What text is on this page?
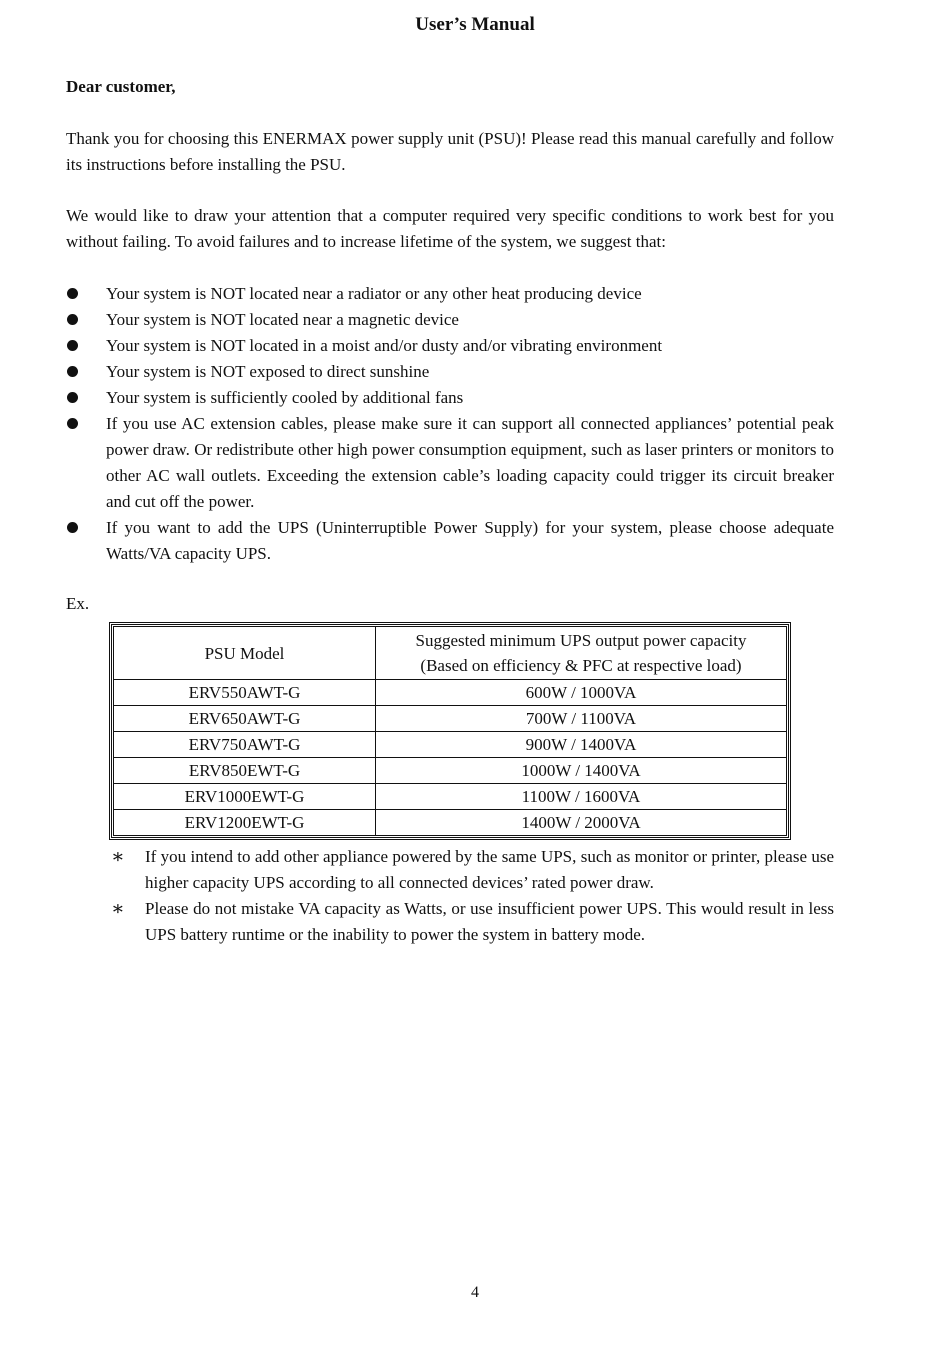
User’s Manual
Dear customer,
Thank you for choosing this ENERMAX power supply unit (PSU)! Please read this manual carefully and follow its instructions before installing the PSU.
We would like to draw your attention that a computer required very specific conditions to work best for you without failing. To avoid failures and to increase lifetime of the system, we suggest that:
Your system is NOT located near a radiator or any other heat producing device
Your system is NOT located near a magnetic device
Your system is NOT located in a moist and/or dusty and/or vibrating environment
Your system is NOT exposed to direct sunshine
Your system is sufficiently cooled by additional fans
If you use AC extension cables, please make sure it can support all connected appliances’ potential peak power draw. Or redistribute other high power consumption equipment, such as laser printers or monitors to other AC wall outlets. Exceeding the extension cable’s loading capacity could trigger its circuit breaker and cut off the power.
If you want to add the UPS (Uninterruptible Power Supply) for your system, please choose adequate Watts/VA capacity UPS.
Ex.
PSU Model	Suggested minimum UPS output power capacity
(Based on efficiency & PFC at respective load)

ERV550AWT-G	600W / 1000VA
ERV650AWT-G	700W / 1100VA
ERV750AWT-G	900W / 1400VA
ERV850EWT-G	1000W / 1400VA
ERV1000EWT-G	1100W / 1600VA
ERV1200EWT-G	1400W / 2000VA
∗ If you intend to add other appliance powered by the same UPS, such as monitor or printer, please use higher capacity UPS according to all connected devices’ rated power draw.
∗ Please do not mistake VA capacity as Watts, or use insufficient power UPS. This would result in less UPS battery runtime or the inability to power the system in battery mode.
4
